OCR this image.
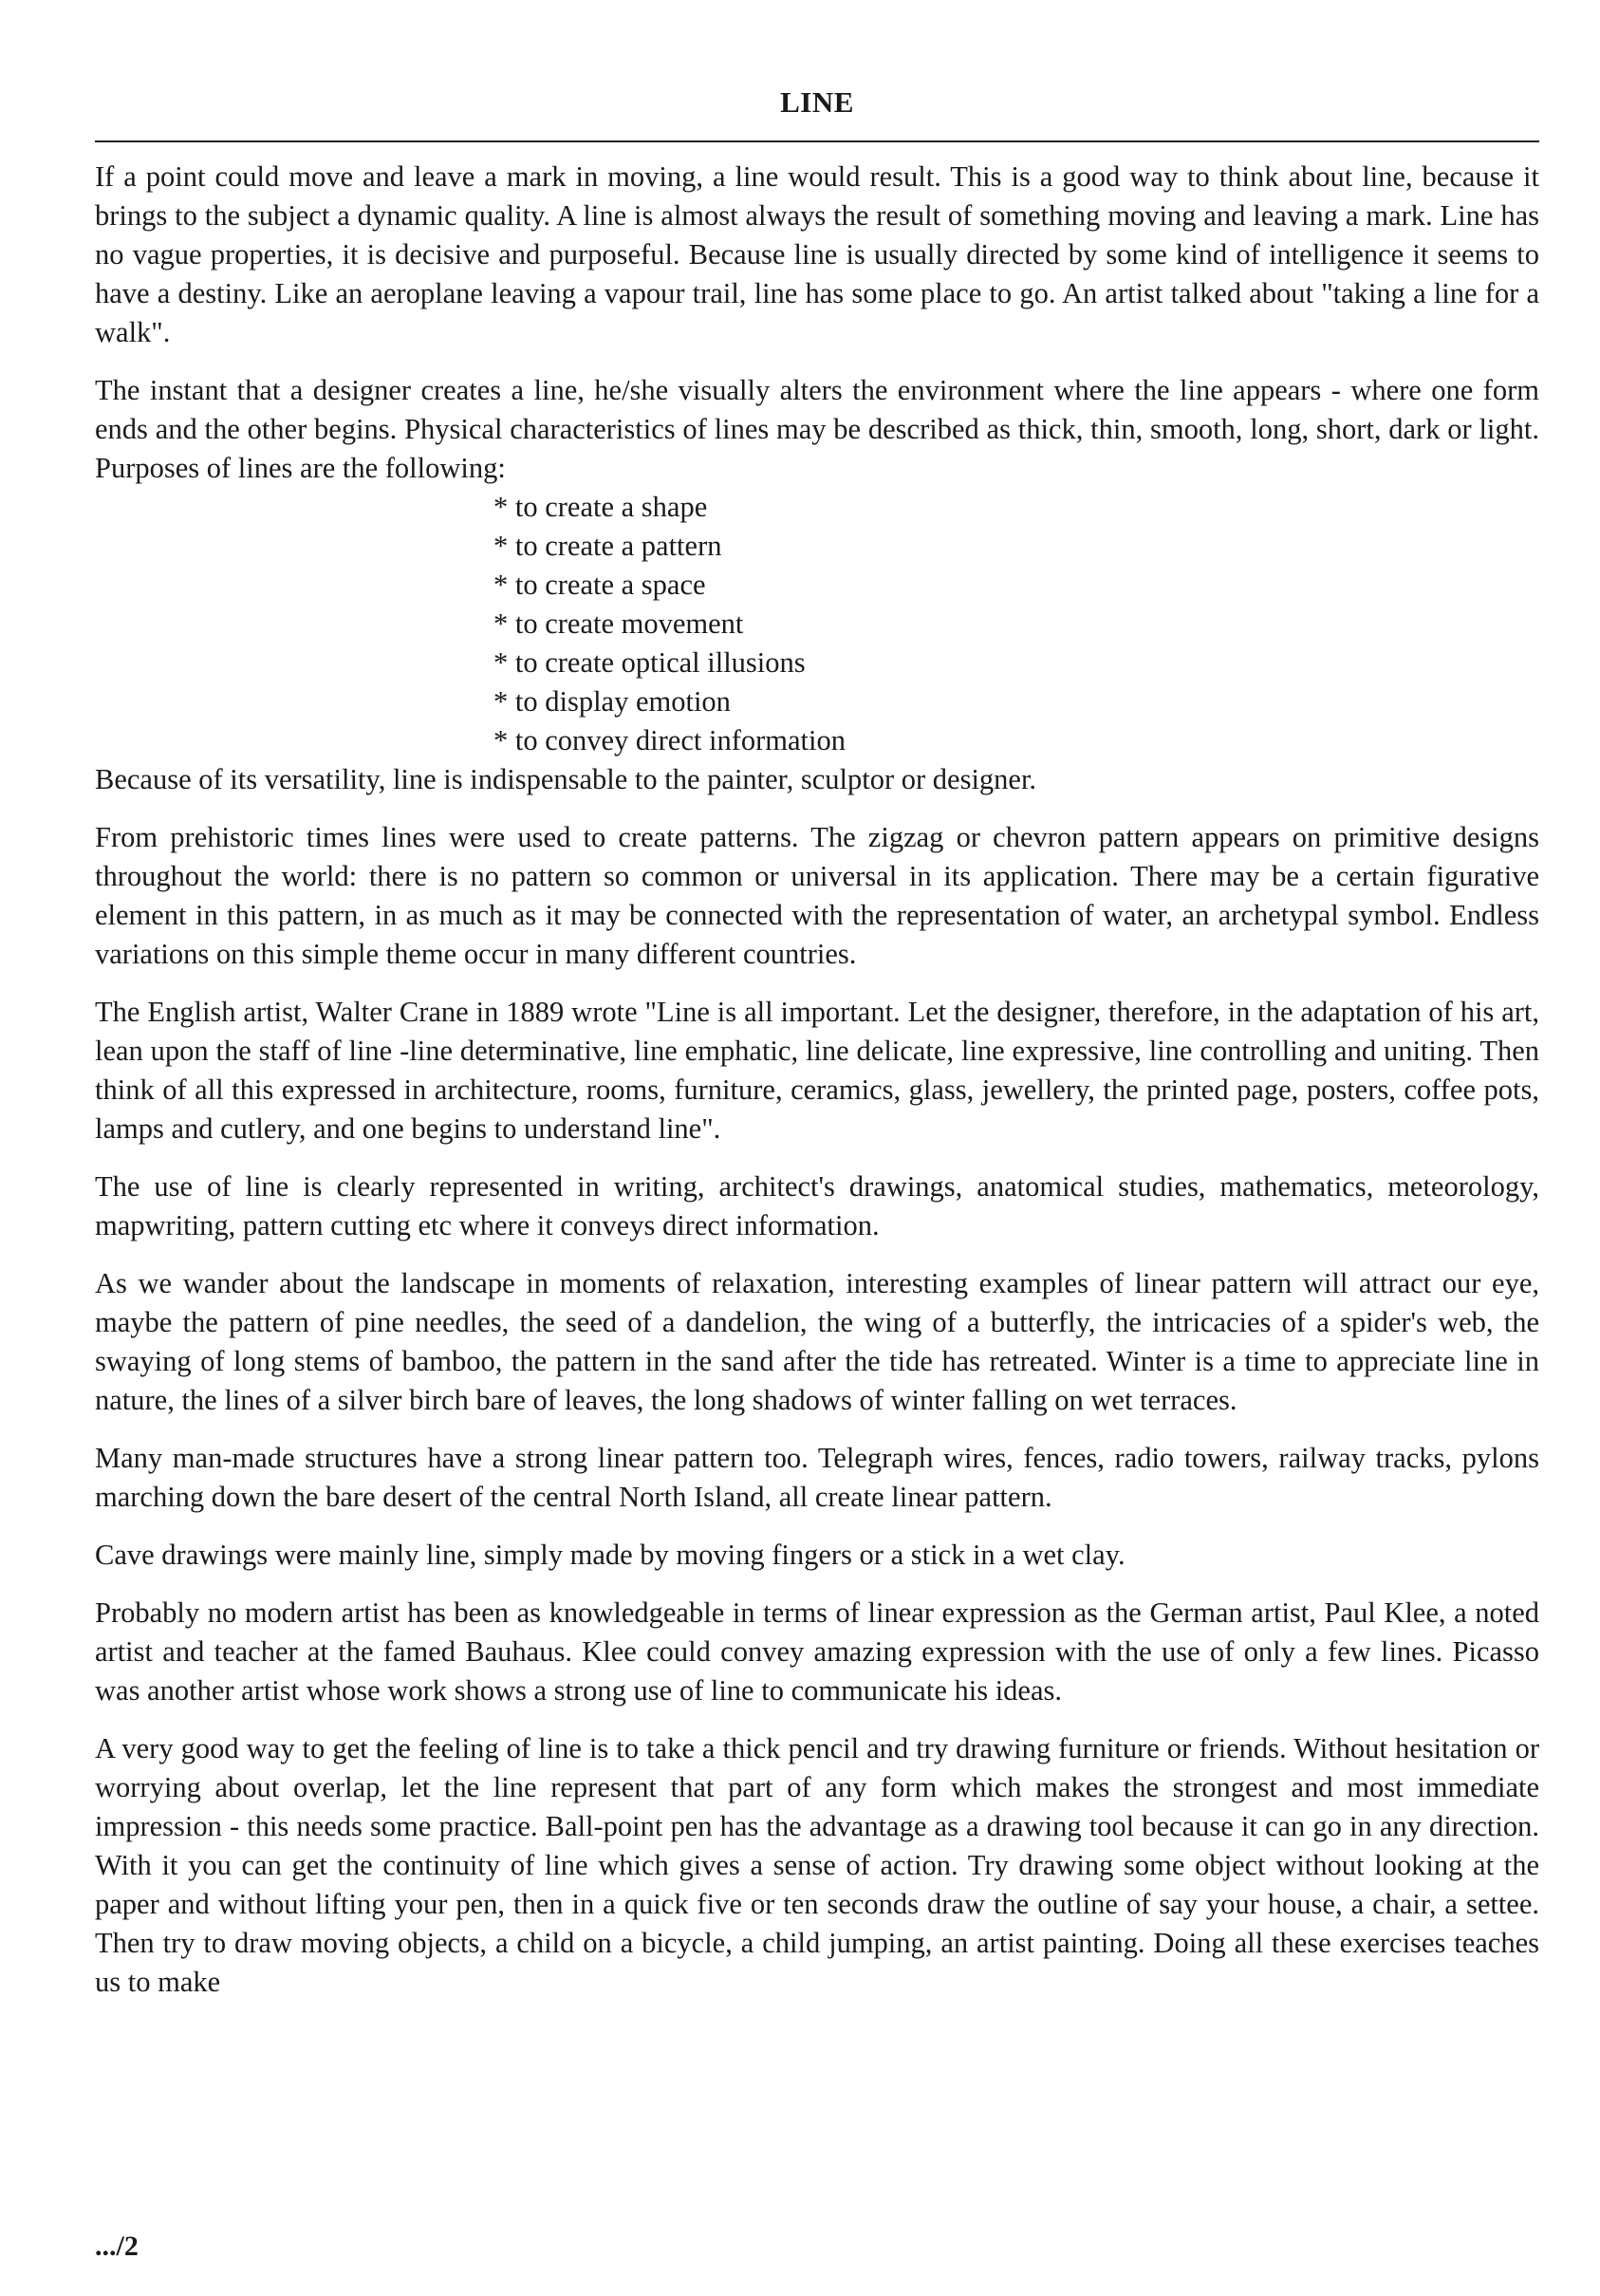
LINE

If a point could move and leave a mark in moving, a line would result. This is a good way to think about line, because it brings to the subject a dynamic quality. A line is almost always the result of something moving and leaving a mark. Line has no vague properties, it is decisive and purposeful. Because line is usually directed by some kind of intelligence it seems to have a destiny. Like an aeroplane leaving a vapour trail, line has some place to go. An artist talked about "taking a line for a walk".

The instant that a designer creates a line, he/she visually alters the environment where the line appears - where one form ends and the other begins. Physical characteristics of lines may be described as thick, thin, smooth, long, short, dark or light. Purposes of lines are the following:

* to create a shape
* to create a pattern
* to create a space
* to create movement
* to create optical illusions
* to display emotion
* to convey direct information

Because of its versatility, line is indispensable to the painter, sculptor or designer.

From prehistoric times lines were used to create patterns. The zigzag or chevron pattern appears on primitive designs throughout the world: there is no pattern so common or universal in its application. There may be a certain figurative element in this pattern, in as much as it may be connected with the representation of water, an archetypal symbol. Endless variations on this simple theme occur in many different countries.

The English artist, Walter Crane in 1889 wrote "Line is all important. Let the designer, therefore, in the adaptation of his art, lean upon the staff of line -line determinative, line emphatic, line delicate, line expressive, line controlling and uniting. Then think of all this expressed in architecture, rooms, furniture, ceramics, glass, jewellery, the printed page, posters, coffee pots, lamps and cutlery, and one begins to understand line".

The use of line is clearly represented in writing, architect's drawings, anatomical studies, mathematics, meteorology, mapwriting, pattern cutting etc where it conveys direct information.

As we wander about the landscape in moments of relaxation, interesting examples of linear pattern will attract our eye, maybe the pattern of pine needles, the seed of a dandelion, the wing of a butterfly, the intricacies of a spider's web, the swaying of long stems of bamboo, the pattern in the sand after the tide has retreated. Winter is a time to appreciate line in nature, the lines of a silver birch bare of leaves, the long shadows of winter falling on wet terraces.

Many man-made structures have a strong linear pattern too. Telegraph wires, fences, radio towers, railway tracks, pylons marching down the bare desert of the central North Island, all create linear pattern.

Cave drawings were mainly line, simply made by moving fingers or a stick in a wet clay.

Probably no modern artist has been as knowledgeable in terms of linear expression as the German artist, Paul Klee, a noted artist and teacher at the famed Bauhaus. Klee could convey amazing expression with the use of only a few lines. Picasso was another artist whose work shows a strong use of line to communicate his ideas.

A very good way to get the feeling of line is to take a thick pencil and try drawing furniture or friends. Without hesitation or worrying about overlap, let the line represent that part of any form which makes the strongest and most immediate impression - this needs some practice. Ball-point pen has the advantage as a drawing tool because it can go in any direction. With it you can get the continuity of line which gives a sense of action. Try drawing some object without looking at the paper and without lifting your pen, then in a quick five or ten seconds draw the outline of say your house, a chair, a settee. Then try to draw moving objects, a child on a bicycle, a child jumping, an artist painting. Doing all these exercises teaches us to make

.../2
